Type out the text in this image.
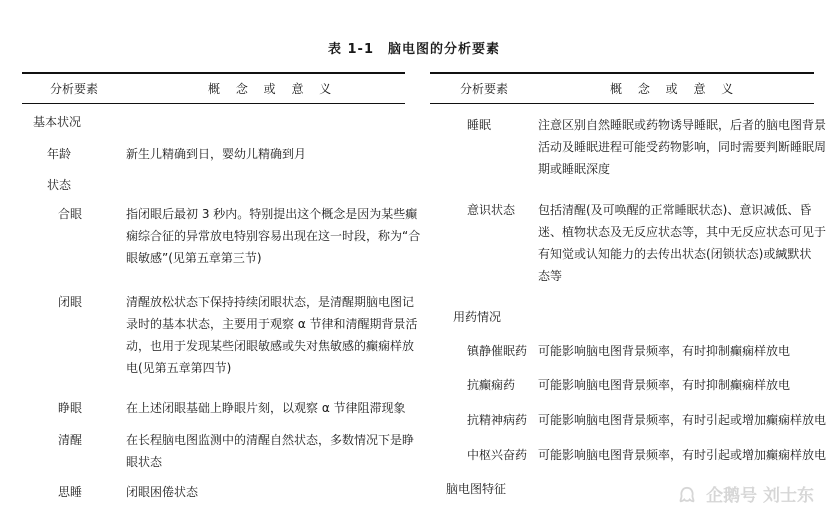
表 1-1　脑电图的分析要素
分析要素	概 念 或 意 义	分析要素	概 念 或 意 义
基本状况
年龄	新生儿精确到日，婴幼儿精确到月
状态
合眼	指闭眼后最初 3 秒内。特别提出这个概念是因为某些癫
痫综合征的异常放电特别容易出现在这一时段，称为“合
眼敏感”(见第五章第三节)
闭眼	清醒放松状态下保持持续闭眼状态，是清醒期脑电图记
录时的基本状态，主要用于观察 α 节律和清醒期背景活
动，也用于发现某些闭眼敏感或失对焦敏感的癫痫样放
电(见第五章第四节)
睁眼	在上述闭眼基础上睁眼片刻，以观察 α 节律阻滞现象
清醒	在长程脑电图监测中的清醒自然状态，多数情况下是睁
眼状态
思睡	闭眼困倦状态
睡眠	注意区别自然睡眠或药物诱导睡眠，后者的脑电图背景
活动及睡眠进程可能受药物影响，同时需要判断睡眠周
期或睡眠深度
意识状态 包括清醒(及可唤醒的正常睡眠状态)、意识减低、昏
迷、植物状态及无反应状态等，其中无反应状态可见于
有知觉或认知能力的去传出状态(闭锁状态)或緘默状
态等
用药情况
镇静催眠药 可能影响脑电图背景频率，有时抑制癫痫样放电
抗癫痫药 可能影响脑电图背景频率，有时抑制癫痫样放电
抗精神病药 可能影响脑电图背景频率，有时引起或增加癫痫样放电
中枢兴奋药 可能影响脑电图背景频率，有时引起或增加癫痫样放电
脑电图特征	企鹅号 刘士东
